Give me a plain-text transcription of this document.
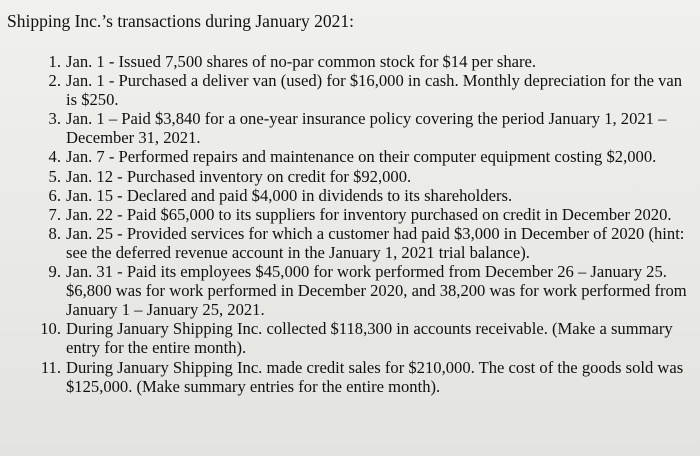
Shipping Inc.’s transactions during January 2021:
1. Jan. 1 - Issued 7,500 shares of no-par common stock for $14 per share.
2. Jan. 1 - Purchased a deliver van (used) for $16,000 in cash. Monthly depreciation for the van is $250.
3. Jan. 1 – Paid $3,840 for a one-year insurance policy covering the period January 1, 2021 – December 31, 2021.
4. Jan. 7 - Performed repairs and maintenance on their computer equipment costing $2,000.
5. Jan. 12 - Purchased inventory on credit for $92,000.
6. Jan. 15 - Declared and paid $4,000 in dividends to its shareholders.
7. Jan. 22 - Paid $65,000 to its suppliers for inventory purchased on credit in December 2020.
8. Jan. 25 - Provided services for which a customer had paid $3,000 in December of 2020 (hint: see the deferred revenue account in the January 1, 2021 trial balance).
9. Jan. 31 - Paid its employees $45,000 for work performed from December 26 – January 25. $6,800 was for work performed in December 2020, and 38,200 was for work performed from January 1 – January 25, 2021.
10. During January Shipping Inc. collected $118,300 in accounts receivable. (Make a summary entry for the entire month).
11. During January Shipping Inc. made credit sales for $210,000. The cost of the goods sold was $125,000. (Make summary entries for the entire month).
